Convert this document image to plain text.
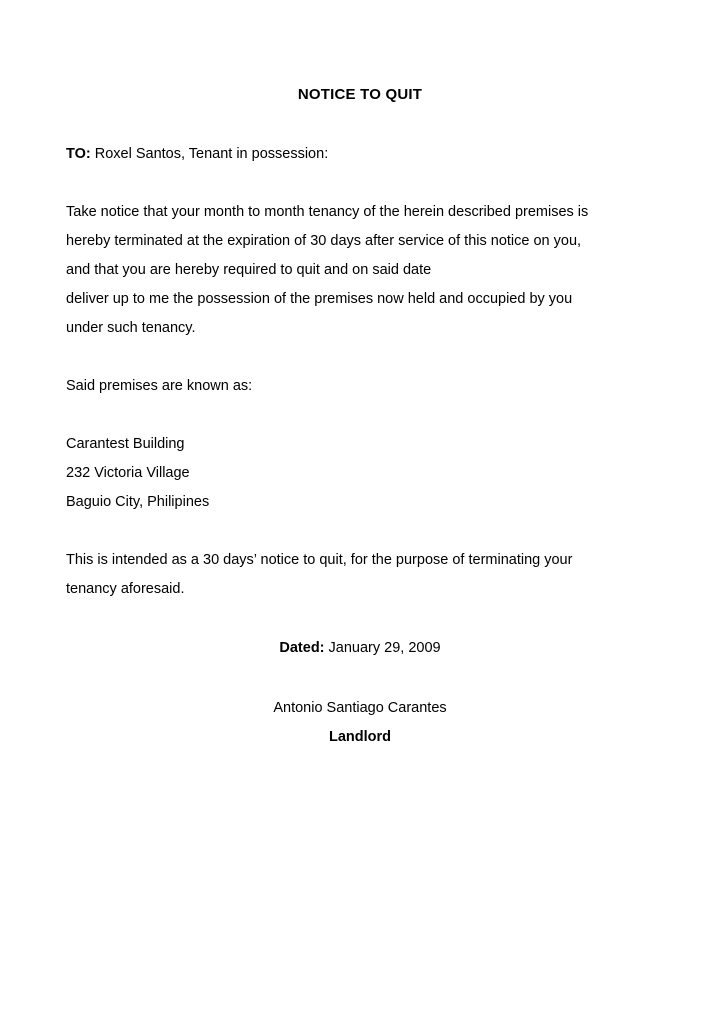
NOTICE TO QUIT

TO: Roxel Santos, Tenant in possession:

Take notice that your month to month tenancy of the herein described premises is

hereby terminated at the expiration of 30 days after service of this notice on you,

and that you are hereby required to quit and on said date

deliver up to me the possession of the premises now held and occupied by you

under such tenancy.

Said premises are known as:

Carantest Building
232 Victoria Village
Baguio City, Philipines

This is intended as a 30 days’ notice to quit, for the purpose of terminating your

tenancy aforesaid.

Dated: January 29, 2009
Antonio Santiago Carantes
Landlord
